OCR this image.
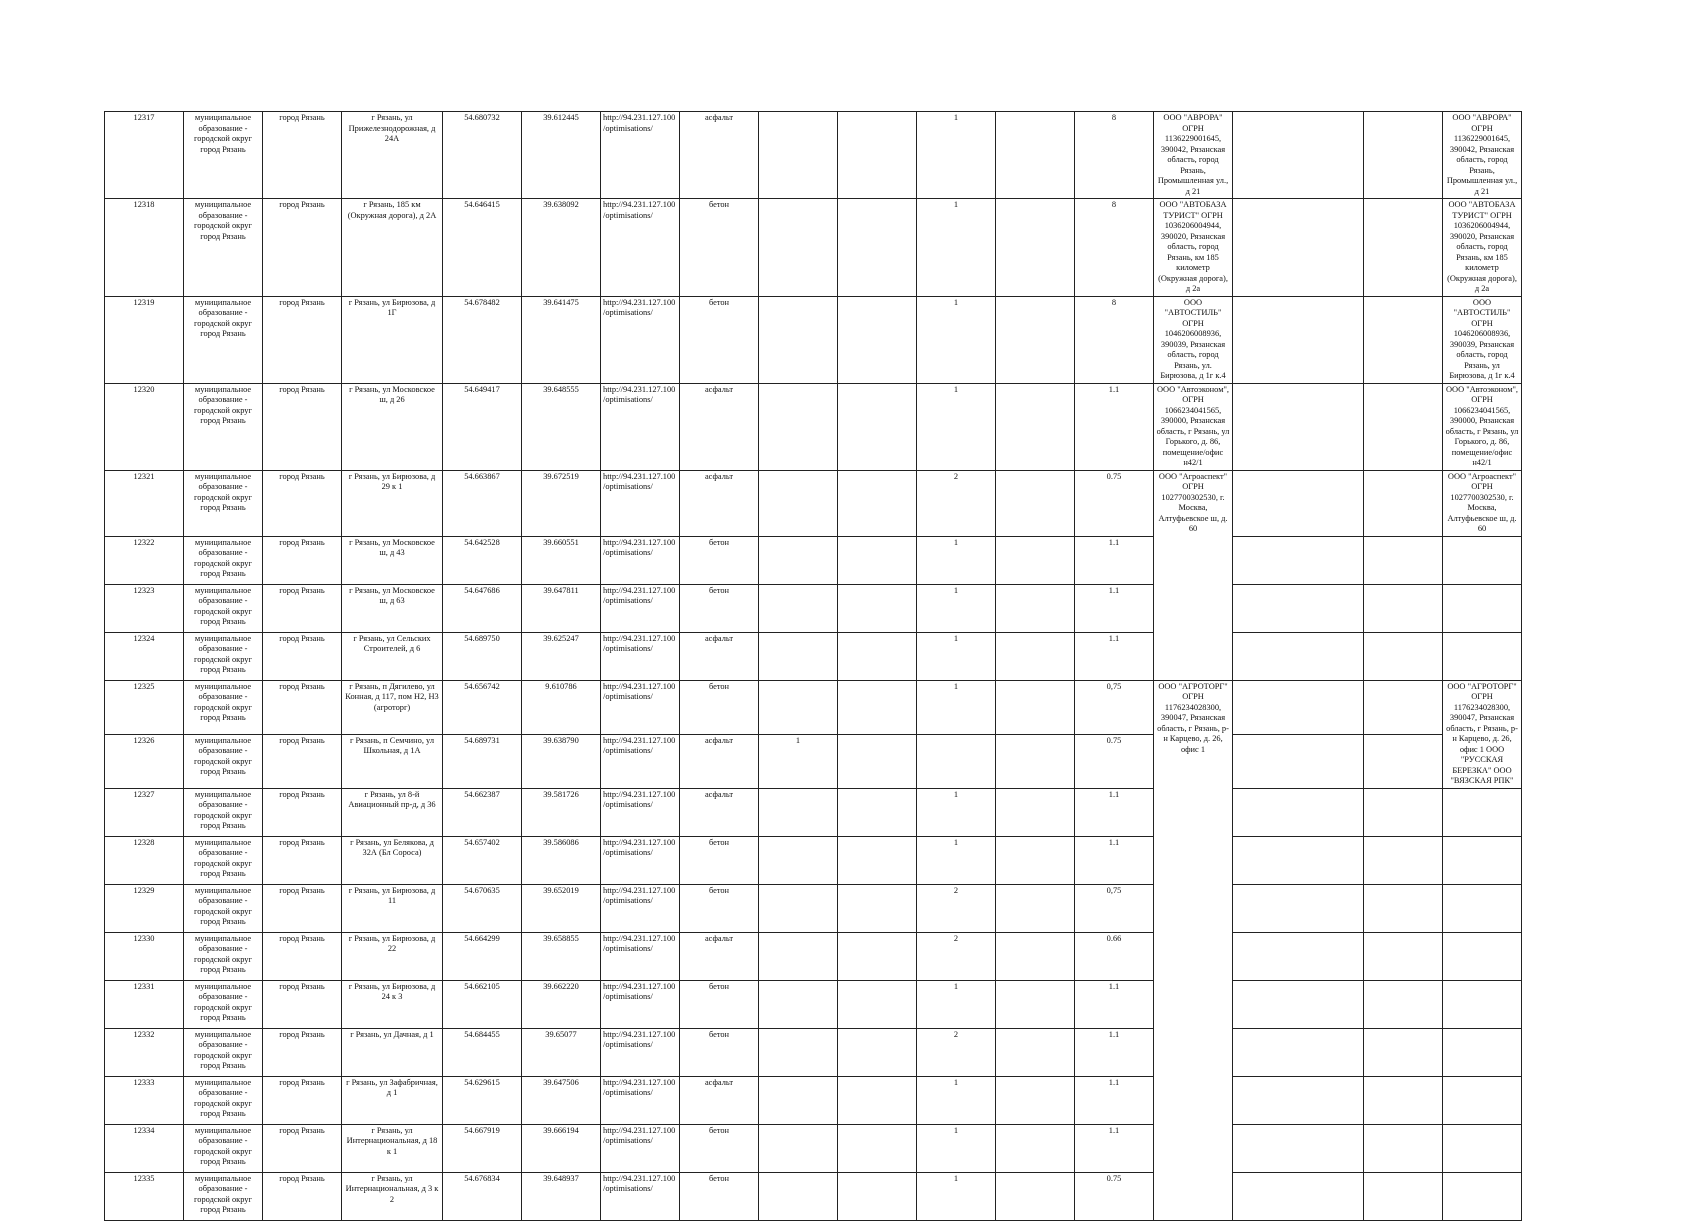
12317	муниципальное образование - городской округ город Рязань	город Рязань	г Рязань, ул Прижелезнодорожная, д 24А	54.680732	39.612445	http://94.231.127.100/optimisations/	асфальт			1		8	ООО "АВРОРА" ОГРН 1136229001645, 390042, Рязанская область, город Рязань, Промышленная ул., д 21			ООО "АВРОРА" ОГРН 1136229001645, 390042, Рязанская область, город Рязань, Промышленная ул., д 21
12318	муниципальное образование - городской округ город Рязань	город Рязань	г Рязань, 185 км (Окружная дорога), д 2А	54.646415	39.638092	http://94.231.127.100/optimisations/	бетон			1		8	ООО "АВТОБАЗА ТУРИСТ" ОГРН 1036206004944, 390020, Рязанская область, город Рязань, км 185 километр (Окружная дорога), д 2а			ООО "АВТОБАЗА ТУРИСТ" ОГРН 1036206004944, 390020, Рязанская область, город Рязань, км 185 километр (Окружная дорога), д 2а
12319	муниципальное образование - городской округ город Рязань	город Рязань	г Рязань, ул Бирюзова, д 1Г	54.678482	39.641475	http://94.231.127.100/optimisations/	бетон			1		8	ООО "АВТОСТИЛЬ" ОГРН 1046206008936, 390039, Рязанская область, город Рязань, ул. Бирюзова, д 1г к.4			ООО "АВТОСТИЛЬ" ОГРН 1046206008936, 390039, Рязанская область, город Рязань, ул Бирюзова, д 1г к.4
12320	муниципальное образование - городской округ город Рязань	город Рязань	г Рязань, ул Московское ш, д 26	54.649417	39.648555	http://94.231.127.100/optimisations/	асфальт			1		1.1	ООО "Автоэконом", ОГРН 1066234041565, 390000, Рязанская область, г Рязань, ул Горького, д. 86, помещение/офис н42/1			ООО "Автоэконом", ОГРН 1066234041565, 390000, Рязанская область, г Рязань, ул Горького, д. 86, помещение/офис н42/1
12321	муниципальное образование - городской округ город Рязань	город Рязань	г Рязань, ул Бирюзова, д 29 к 1	54.663867	39.672519	http://94.231.127.100/optimisations/	асфальт			2		0.75	ООО "Агроаспект" ОГРН 1027700302530, г. Москва, Алтуфьевское ш, д. 60			ООО "Агроаспект" ОГРН 1027700302530, г. Москва, Алтуфьевское ш, д. 60
12322	муниципальное образование - городской округ город Рязань	город Рязань	г Рязань, ул Московское ш, д 43	54.642528	39.660551	http://94.231.127.100/optimisations/	бетон			1		1.1				
12323	муниципальное образование - городской округ город Рязань	город Рязань	г Рязань, ул Московское ш, д 63	54.647686	39.647811	http://94.231.127.100/optimisations/	бетон			1		1.1				
12324	муниципальное образование - городской округ город Рязань	город Рязань	г Рязань, ул Сельских Строителей, д 6	54.689750	39.625247	http://94.231.127.100/optimisations/	асфальт			1		1.1				
12325	муниципальное образование - городской округ город Рязань	город Рязань	г Рязань, п Дягилево, ул Конная, д 117, пом Н2, Н3 (агроторг)	54.656742	9.610786	http://94.231.127.100/optimisations/	бетон			1		0,75	ООО "АГРОТОРГ" ОГРН 1176234028300, 390047, Рязанская область, г Рязань, р-н Карцево, д. 26, офис 1			ООО "АГРОТОРГ" ОГРН 1176234028300, 390047, Рязанская область, г Рязань, р-н Карцево, д. 26, офис 1 ООО "РУССКАЯ БЕРЕЗКА" ООО "ВЯЗСКАЯ РПК"
12326	муниципальное образование - городской округ город Рязань	город Рязань	г Рязань, п Семчино, ул Школьная, д 1А	54.689731	39.638790	http://94.231.127.100/optimisations/	асфальт	1				0.75				
12327	муниципальное образование - городской округ город Рязань	город Рязань	г Рязань, ул 8-й Авиационный пр-д, д 36	54.662387	39.581726	http://94.231.127.100/optimisations/	асфальт			1		1.1				
12328	муниципальное образование - городской округ город Рязань	город Рязань	г Рязань, ул Белякова, д 32А (Бл Сороса)	54.657402	39.586086	http://94.231.127.100/optimisations/	бетон			1		1.1				
12329	муниципальное образование - городской округ город Рязань	город Рязань	г Рязань, ул Бирюзова, д 11	54.670635	39.652019	http://94.231.127.100/optimisations/	бетон			2		0,75				
12330	муниципальное образование - городской округ город Рязань	город Рязань	г Рязань, ул Бирюзова, д 22	54.664299	39.658855	http://94.231.127.100/optimisations/	асфальт			2		0.66				
12331	муниципальное образование - городской округ город Рязань	город Рязань	г Рязань, ул Бирюзова, д 24 к 3	54.662105	39.662220	http://94.231.127.100/optimisations/	бетон			1		1.1				
12332	муниципальное образование - городской округ город Рязань	город Рязань	г Рязань, ул Дачная, д 1	54.684455	39.65077	http://94.231.127.100/optimisations/	бетон			2		1.1				
12333	муниципальное образование - городской округ город Рязань	город Рязань	г Рязань, ул Зафабричная, д 1	54.629615	39.647506	http://94.231.127.100/optimisations/	асфальт			1		1.1				
12334	муниципальное образование - городской округ город Рязань	город Рязань	г Рязань, ул Интернациональная, д 18 к 1	54.667919	39.666194	http://94.231.127.100/optimisations/	бетон			1		1.1				
12335	муниципальное образование - городской округ город Рязань	город Рязань	г Рязань, ул Интернациональная, д 3 к 2	54.676834	39.648937	http://94.231.127.100/optimisations/	бетон			1		0.75				
